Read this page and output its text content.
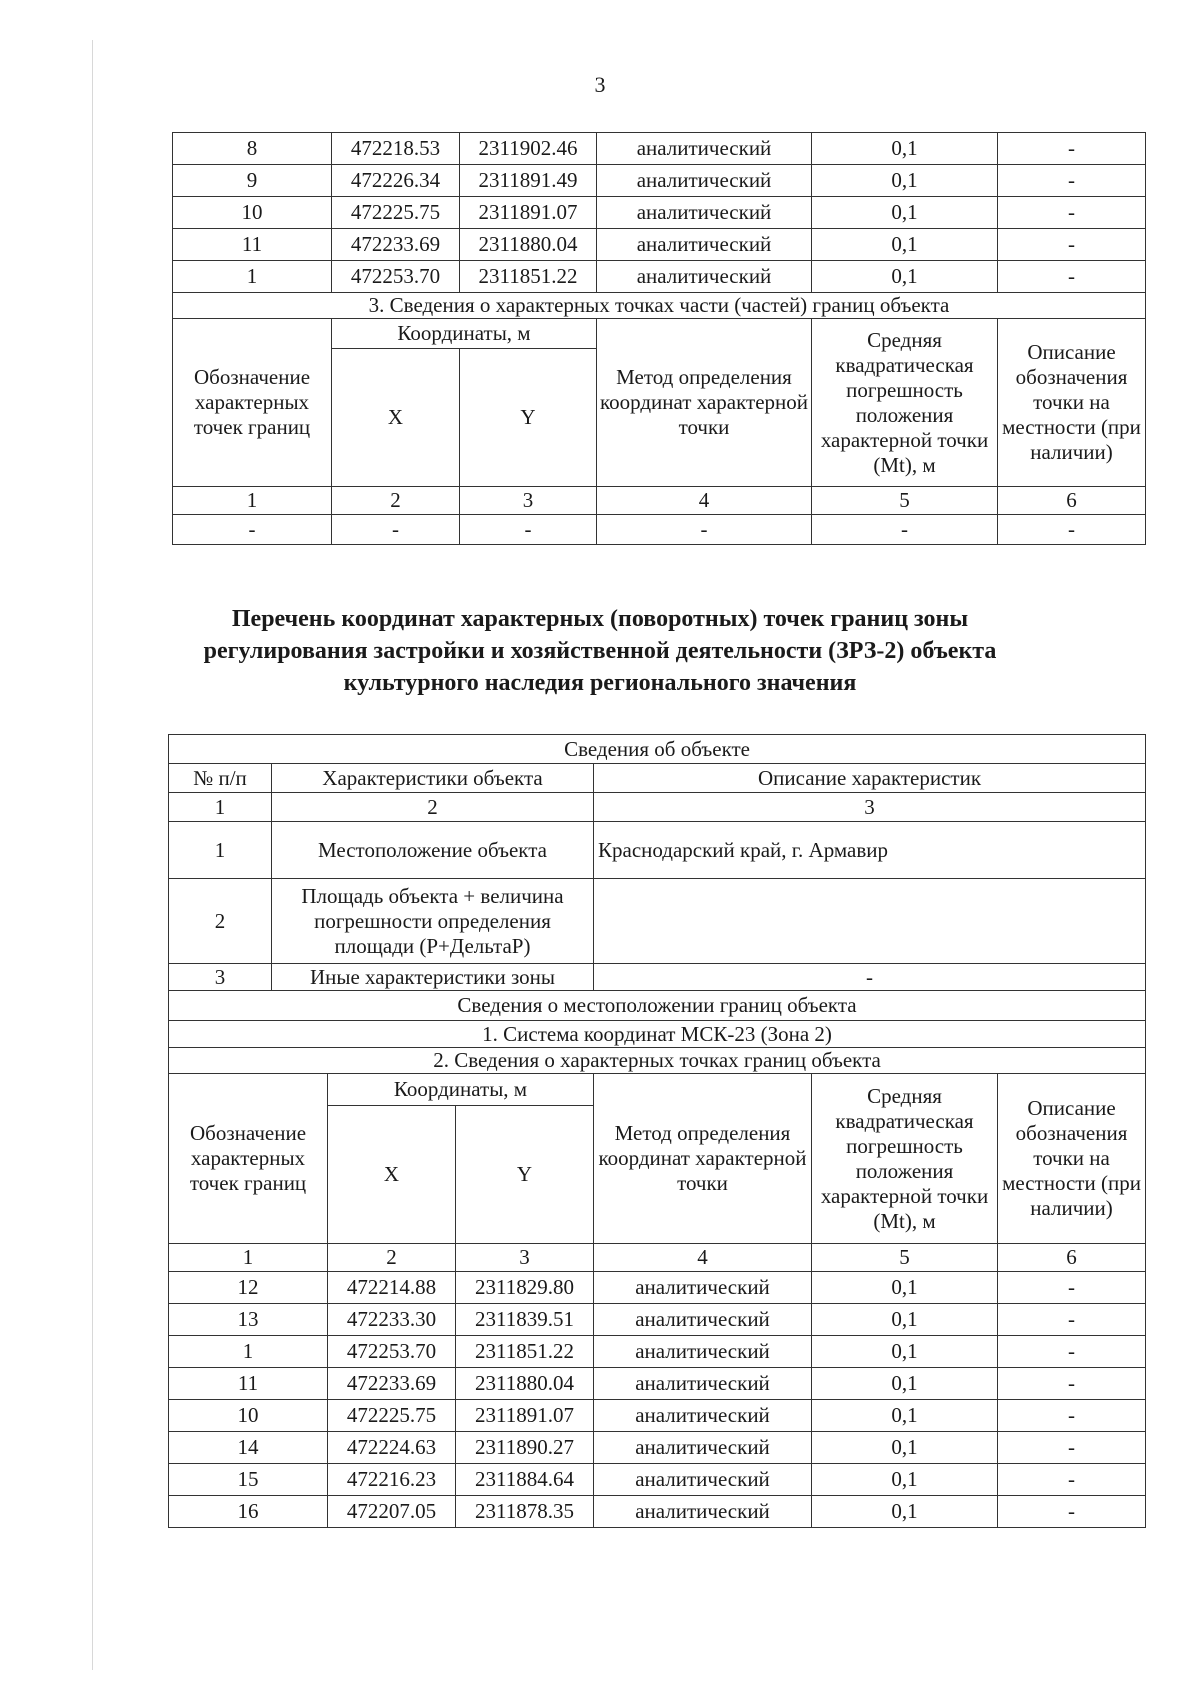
3
8	472218.53	2311902.46	аналитический	0,1	-
9	472226.34	2311891.49	аналитический	0,1	-
10	472225.75	2311891.07	аналитический	0,1	-
11	472233.69	2311880.04	аналитический	0,1	-
1	472253.70	2311851.22	аналитический	0,1	-
3. Сведения о характерных точках части (частей) границ объекта					
Обозначение характерных точек границ	Координаты, м		Метод определения координат характерной точки	Средняя квадратическая погрешность положения характерной точки (Mt), м	Описание обозначения точки на местности (при наличии)
	X	Y			
1	2	3	4	5	6
-	-	-	-	-	-
Перечень координат характерных (поворотных) точек границ зоны
регулирования застройки и хозяйственной деятельности (ЗРЗ-2) объекта
культурного наследия регионального значения
Сведения об объекте						
№ п/п	Характеристики объекта			Описание характеристик		
1	2			3		
1	Местоположение объекта			Краснодарский край, г. Армавир		
2	Площадь объекта + величина погрешности определения площади (P+ДельтаP)					
3	Иные характеристики зоны			-		
Сведения о местоположении границ объекта						
1. Система координат МСК-23 (Зона 2)						
2. Сведения о характерных точках границ объекта						
Обозначение характерных точек границ		Координаты, м		Метод определения координат характерной точки	Средняя квадратическая погрешность положения характерной точки (Mt), м	Описание обозначения точки на местности (при наличии)
		X	Y			
1		2	3	4	5	6
12		472214.88	2311829.80	аналитический	0,1	-
13		472233.30	2311839.51	аналитический	0,1	-
1		472253.70	2311851.22	аналитический	0,1	-
11		472233.69	2311880.04	аналитический	0,1	-
10		472225.75	2311891.07	аналитический	0,1	-
14		472224.63	2311890.27	аналитический	0,1	-
15		472216.23	2311884.64	аналитический	0,1	-
16		472207.05	2311878.35	аналитический	0,1	-
